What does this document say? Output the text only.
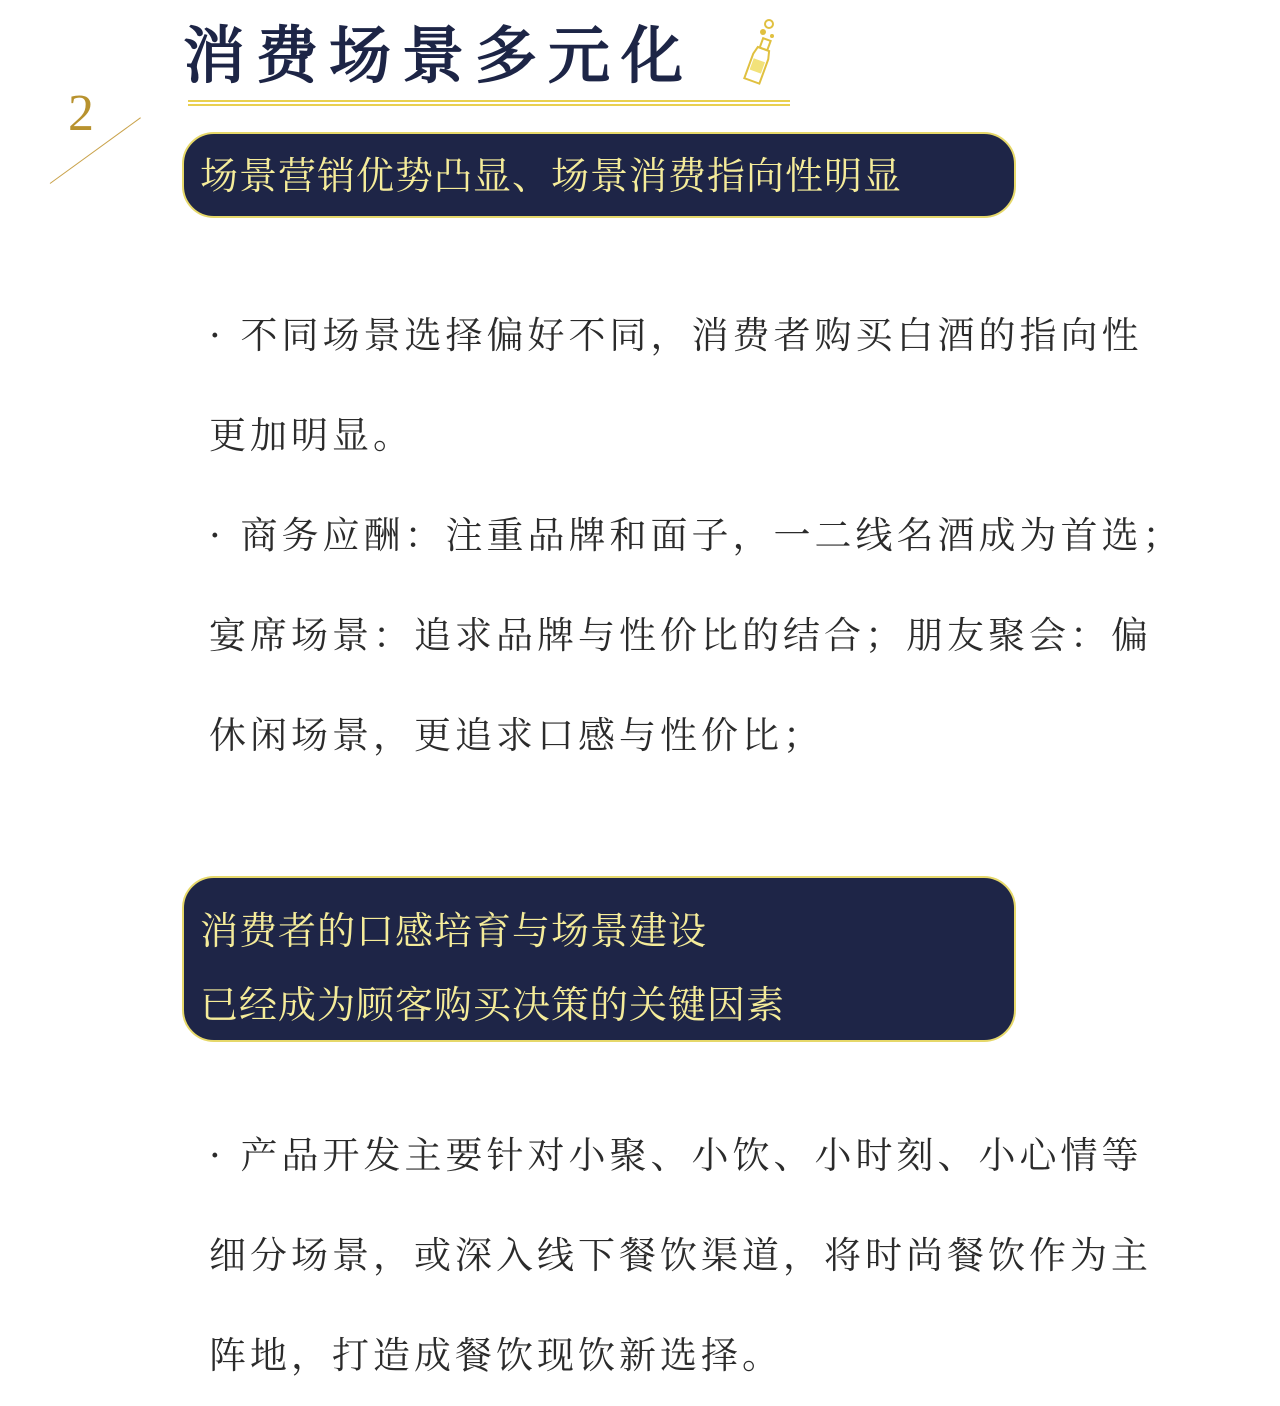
2
消费场景多元化
场景营销优势凸显、场景消费指向性明显
· 不同场景选择偏好不同，消费者购买白酒的指向性
更加明显。
· 商务应酬：注重品牌和面子，一二线名酒成为首选；
宴席场景：追求品牌与性价比的结合；朋友聚会：偏
休闲场景，更追求口感与性价比；
消费者的口感培育与场景建设
已经成为顾客购买决策的关键因素
· 产品开发主要针对小聚、小饮、小时刻、小心情等
细分场景，或深入线下餐饮渠道，将时尚餐饮作为主
阵地，打造成餐饮现饮新选择。
